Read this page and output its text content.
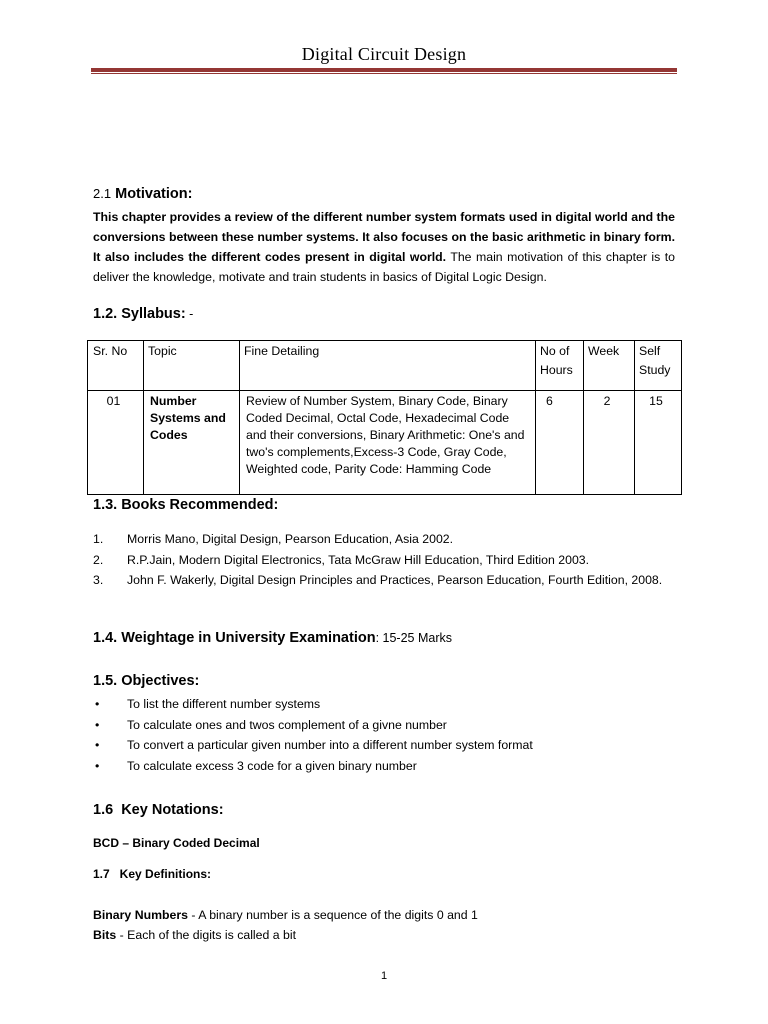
Digital Circuit Design
2.1 Motivation:
This chapter provides a review of the different number system formats used in digital world and the conversions between these number systems. It also focuses on the basic arithmetic in binary form. It also includes the different codes present in digital world. The main motivation of this chapter is to deliver the knowledge, motivate and train students in basics of Digital Logic Design.
1.2. Syllabus: -
Sr. No	Topic	Fine Detailing	No of Hours	Week	Self Study

01	Number Systems and Codes	Review of Number System, Binary Code, Binary Coded Decimal, Octal Code, Hexadecimal Code and their conversions, Binary Arithmetic: One's and two's complements,Excess-3 Code, Gray Code, Weighted code, Parity Code: Hamming Code	6	2	15
1.3. Books Recommended:
1. Morris Mano, Digital Design, Pearson Education, Asia 2002.
2. R.P.Jain, Modern Digital Electronics, Tata McGraw Hill Education, Third Edition 2003.
3. John F. Wakerly, Digital Design Principles and Practices, Pearson Education, Fourth Edition, 2008.
1.4. Weightage in University Examination: 15-25 Marks
1.5. Objectives:
• To list the different number systems
• To calculate ones and twos complement of a givne number
• To convert a particular given number into a different number system format
• To calculate excess 3 code for a given binary number
1.6  Key Notations:
BCD – Binary Coded Decimal
1.7   Key Definitions:
Binary Numbers - A binary number is a sequence of the digits 0 and 1
Bits - Each of the digits is called a bit
1
